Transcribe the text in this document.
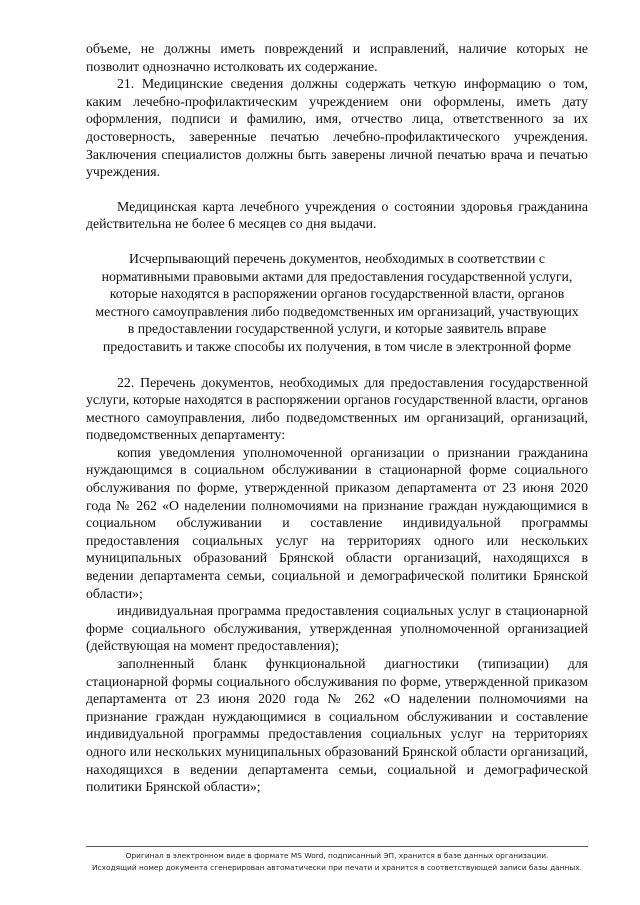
объеме, не должны иметь повреждений и исправлений, наличие которых не позволит однозначно истолковать их содержание.

21. Медицинские сведения должны содержать четкую информацию о том, каким лечебно-профилактическим учреждением они оформлены, иметь дату оформления, подписи и фамилию, имя, отчество лица, ответственного за их достоверность, заверенные печатью лечебно-профилактического учреждения. Заключения специалистов должны быть заверены личной печатью врача и печатью учреждения.

Медицинская карта лечебного учреждения о состоянии здоровья гражданина действительна не более 6 месяцев со дня выдачи.

Исчерпывающий перечень документов, необходимых в соответствии с нормативными правовыми актами для предоставления государственной услуги, которые находятся в распоряжении органов государственной власти, органов местного самоуправления либо подведомственных им организаций, участвующих в предоставлении государственной услуги, и которые заявитель вправе предоставить и также способы их получения, в том числе в электронной форме

22. Перечень документов, необходимых для предоставления государственной услуги, которые находятся в распоряжении органов государственной власти, органов местного самоуправления, либо подведомственных им организаций, организаций, подведомственных департаменту:

копия уведомления уполномоченной организации о признании гражданина нуждающимся в социальном обслуживании в стационарной форме социального обслуживания по форме, утвержденной приказом департамента от 23 июня 2020 года № 262 «О наделении полномочиями на признание граждан нуждающимися в социальном обслуживании и составление индивидуальной программы предоставления социальных услуг на территориях одного или нескольких муниципальных образований Брянской области организаций, находящихся в ведении департамента семьи, социальной и демографической политики Брянской области»;

индивидуальная программа предоставления социальных услуг в стационарной форме социального обслуживания, утвержденная уполномоченной организацией (действующая на момент предоставления);

заполненный бланк функциональной диагностики (типизации) для стационарной формы социального обслуживания по форме, утвержденной приказом департамента от 23 июня 2020 года № 262 «О наделении полномочиями на признание граждан нуждающимися в социальном обслуживании и составление индивидуальной программы предоставления социальных услуг на территориях одного или нескольких муниципальных образований Брянской области организаций, находящихся в ведении департамента семьи, социальной и демографической политики Брянской области»;

Оригинал в электронном виде в формате MS Word, подписанный ЭП, хранится в базе данных организации.
Исходящий номер документа сгенерирован автоматически при печати и хранится в соответствующей записи базы данных.
